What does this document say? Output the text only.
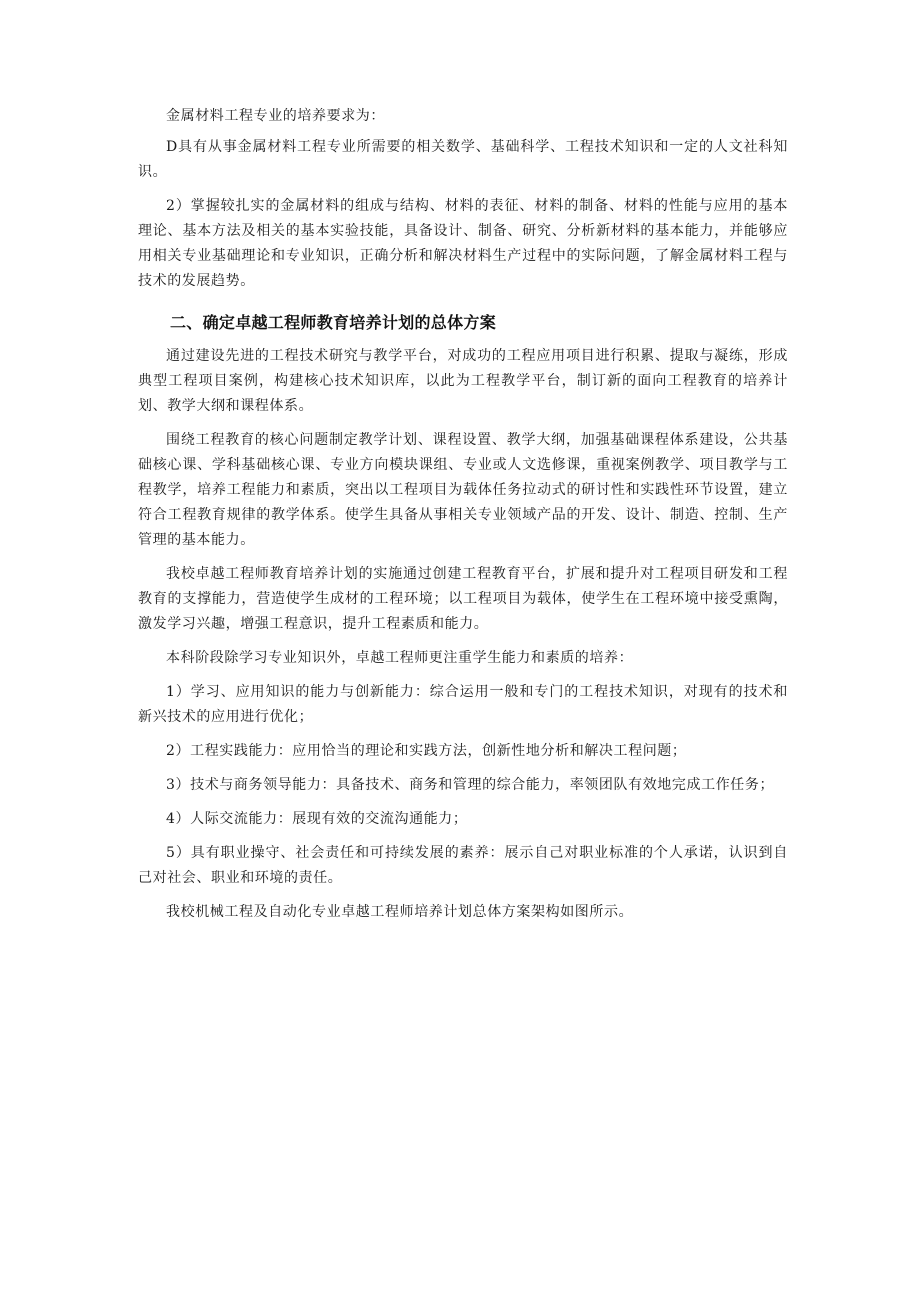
金属材料工程专业的培养要求为：

D具有从事金属材料工程专业所需要的相关数学、基础科学、工程技术知识和一定的人文社科知识。

2）掌握较扎实的金属材料的组成与结构、材料的表征、材料的制备、材料的性能与应用的基本理论、基本方法及相关的基本实验技能，具备设计、制备、研究、分析新材料的基本能力，并能够应用相关专业基础理论和专业知识，正确分析和解决材料生产过程中的实际问题，了解金属材料工程与技术的发展趋势。

二、确定卓越工程师教育培养计划的总体方案

通过建设先进的工程技术研究与教学平台，对成功的工程应用项目进行积累、提取与凝练，形成典型工程项目案例，构建核心技术知识库，以此为工程教学平台，制订新的面向工程教育的培养计划、教学大纲和课程体系。

围绕工程教育的核心问题制定教学计划、课程设置、教学大纲，加强基础课程体系建设，公共基础核心课、学科基础核心课、专业方向模块课组、专业或人文选修课，重视案例教学、项目教学与工程教学，培养工程能力和素质，突出以工程项目为载体任务拉动式的研讨性和实践性环节设置，建立符合工程教育规律的教学体系。使学生具备从事相关专业领域产品的开发、设计、制造、控制、生产管理的基本能力。

我校卓越工程师教育培养计划的实施通过创建工程教育平台，扩展和提升对工程项目研发和工程教育的支撑能力，营造使学生成材的工程环境；以工程项目为载体，使学生在工程环境中接受熏陶，激发学习兴趣，增强工程意识，提升工程素质和能力。

本科阶段除学习专业知识外，卓越工程师更注重学生能力和素质的培养：

1）学习、应用知识的能力与创新能力：综合运用一般和专门的工程技术知识，对现有的技术和新兴技术的应用进行优化；

2）工程实践能力：应用恰当的理论和实践方法，创新性地分析和解决工程问题；

3）技术与商务领导能力：具备技术、商务和管理的综合能力，率领团队有效地完成工作任务；

4）人际交流能力：展现有效的交流沟通能力；

5）具有职业操守、社会责任和可持续发展的素养：展示自己对职业标准的个人承诺，认识到自己对社会、职业和环境的责任。

我校机械工程及自动化专业卓越工程师培养计划总体方案架构如图所示。
